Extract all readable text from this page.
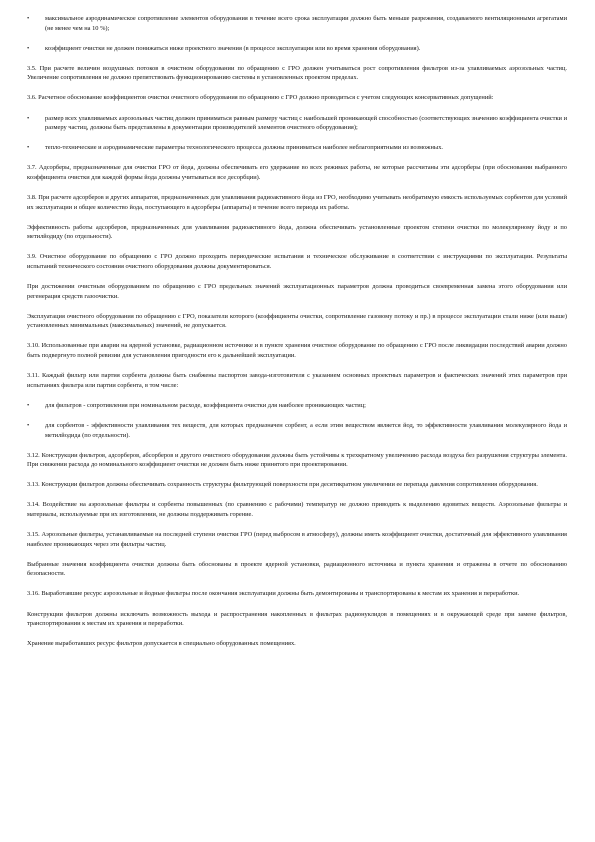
• максимальное аэродинамическое сопротивление элементов оборудования в течение всего срока эксплуатации должно быть меньше разрежения, создаваемого вентиляционными агрегатами (не менее чем на 10 %);

• коэффициент очистки не должен понижаться ниже проектного значения (в процессе эксплуатации или во время хранения оборудования).

3.5. При расчете величин воздушных потоков в очистном оборудовании по обращению с ГРО должен учитываться рост сопротивления фильтров из-за улавливаемых аэрозольных частиц. Увеличение сопротивления не должно препятствовать функционированию системы в установленных проектом пределах.

3.6. Расчетное обоснование коэффициентов очистки очистного оборудования по обращению с ГРО должно проводиться с учетом следующих консервативных допущений:

• размер всех улавливаемых аэрозольных частиц должен приниматься равным размеру частиц с наибольшей проникающей способностью (соответствующих значению коэффициента очистки и размеру частиц, должны быть представлены в документации производителей элементов очистного оборудования);

• тепло-технические и аэродинамические параметры технологического процесса должны приниматься наиболее неблагоприятными из возможных.

3.7. Адсорберы, предназначенные для очистки ГРО от йода, должны обеспечивать его удержание во всех режимах работы, не которые рассчитаны эти адсорберы (при обосновании выбранного коэффициента очистки для каждой формы йода должны учитываться все десорбции).

3.8. При расчете адсорберов и других аппаратов, предназначенных для улавливания радиоактивного йода из ГРО, необходимо учитывать необратимую емкость используемых сорбентов для условий их эксплуатации и общее количество йода, поступающего в адсорберы (аппараты) в течение всего периода их работы.

Эффективность работы адсорберов, предназначенных для улавливания радиоактивного йода, должна обеспечивать установленные проектом степени очистки по молекулярному йоду и по метилйодиду (по отдельности).

3.9. Очистное оборудование по обращению с ГРО должно проходить периодические испытания и техническое обслуживание в соответствии с инструкциями по эксплуатации. Результаты испытаний технического состояния очистного оборудования должны документироваться.

При достижении очистным оборудованием по обращению с ГРО предельных значений эксплуатационных параметров должна проводиться своевременная замена этого оборудования или регенерация средств газоочистки.

Эксплуатация очистного оборудования по обращению с ГРО, показатели которого (коэффициенты очистки, сопротивление газовому потоку и пр.) в процессе эксплуатации стали ниже (или выше) установленных минимальных (максимальных) значений, не допускается.

3.10. Использованные при аварии на ядерной установке, радиационном источнике и в пункте хранения очистное оборудование по обращению с ГРО после ликвидации последствий аварии должно быть подвергнуто полной ревизии для установления пригодности его к дальнейшей эксплуатации.

3.11. Каждый фильтр или партия сорбента должны быть снабжены паспортом завода-изготовителя с указанием основных проектных параметров и фактических значений этих параметров при испытаниях фильтра или партии сорбента, в том числе:

• для фильтров - сопротивления при номинальном расходе, коэффициента очистки для наиболее проникающих частиц;

• для сорбентов - эффективности улавливания тех веществ, для которых предназначен сорбент, а если этим веществом является йод, то эффективности улавливания молекулярного йода и метилйодида (по отдельности).

3.12. Конструкции фильтров, адсорберов, абсорберов и другого очистного оборудования должны быть устойчивы к трехкратному увеличению расхода воздуха без разрушения структуры элемента. При снижении расхода до номинального коэффициент очистки не должен быть ниже принятого при проектировании.

3.13. Конструкции фильтров должны обеспечивать сохранность структуры фильтрующей поверхности при десятикратном увеличении ее перепада давления сопротивления оборудования.

3.14. Воздействие на аэрозольные фильтры и сорбенты повышенных (по сравнению с рабочими) температур не должно приводить к выделению ядовитых веществ. Аэрозольные фильтры и материалы, используемые при их изготовлении, не должны поддерживать горение.

3.15. Аэрозольные фильтры, устанавливаемые на последней ступени очистки ГРО (перед выбросом в атмосферу), должны иметь коэффициент очистки, достаточный для эффективного улавливания наиболее проникающих через эти фильтры частиц.

Выбранные значения коэффициента очистки должны быть обоснованы в проекте ядерной установки, радиационного источника и пункта хранения и отражены в отчете по обоснованию безопасности.

3.16. Выработавшие ресурс аэрозольные и йодные фильтры после окончания эксплуатации должны быть демонтированы и транспортированы к местам их хранения и переработки.

Конструкции фильтров должны исключать возможность выхода и распространения накопленных в фильтрах радионуклидов в помещениях и в окружающей среде при замене фильтров, транспортировании к местам их хранения и переработки.

Хранение выработавших ресурс фильтров допускается в специально оборудованных помещениях.
